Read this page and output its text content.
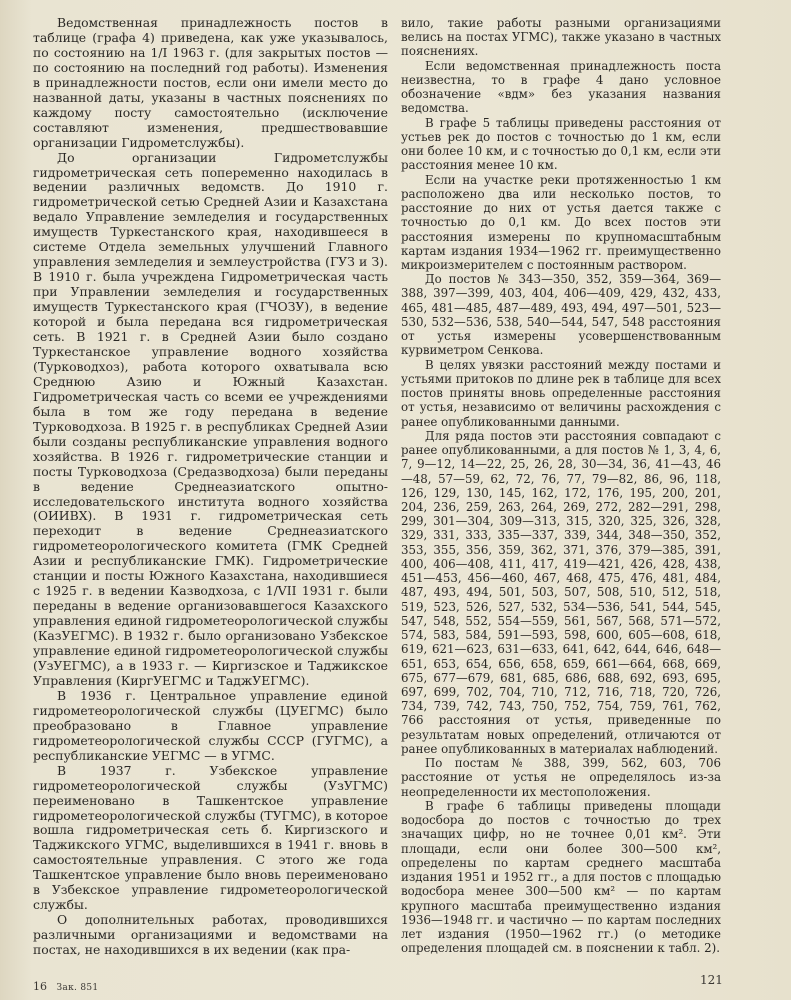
Ведомственная принадлежность постов в таблице (графа 4) приведена, как уже указывалось, по состоянию на 1/I 1963 г. (для закрытых постов — по состоянию на последний год работы). Изменения в принадлежности постов, если они имели место до названной даты, указаны в частных пояснениях по каждому посту самостоятельно (исключение составляют изменения, предшествовавшие организации Гидрометслужбы).

До организации Гидрометслужбы гидрометрическая сеть попеременно находилась в ведении различных ведомств. До 1910 г. гидрометрической сетью Средней Азии и Казахстана ведало Управление земледелия и государственных имуществ Туркестанского края, находившееся в системе Отдела земельных улучшений Главного управления земледелия и землеустройства (ГУЗ и З). В 1910 г. была учреждена Гидрометрическая часть при Управлении земледелия и государственных имуществ Туркестанского края (ГЧОЗУ), в ведение которой и была передана вся гидрометрическая сеть. В 1921 г. в Средней Азии было создано Туркестанское управление водного хозяйства (Турководхоз), работа которого охватывала всю Среднюю Азию и Южный Казахстан. Гидрометрическая часть со всеми ее учреждениями была в том же году передана в ведение Турководхоза. В 1925 г. в республиках Средней Азии были созданы республиканские управления водного хозяйства. В 1926 г. гидрометрические станции и посты Турководхоза (Средазводхоза) были переданы в ведение Среднеазиатского опытно-исследовательского института водного хозяйства (ОИИВХ). В 1931 г. гидрометрическая сеть переходит в ведение Среднеазиатского гидрометеорологического комитета (ГМК Средней Азии и республиканские ГМК). Гидрометрические станции и посты Южного Казахстана, находившиеся с 1925 г. в ведении Казводхоза, с 1/VII 1931 г. были переданы в ведение организовавшегося Казахского управления единой гидрометеорологической службы (КазУЕГМС). В 1932 г. было организовано Узбекское управление единой гидрометеорологической службы (УзУЕГМС), а в 1933 г. — Киргизское и Таджикское Управления (КиргУЕГМС и ТаджУЕГМС).

В 1936 г. Центральное управление единой гидрометеорологической службы (ЦУЕГМС) было преобразовано в Главное управление гидрометеорологической службы СССР (ГУГМС), а республиканские УЕГМС — в УГМС.

В 1937 г. Узбекское управление гидрометеорологической службы (УзУГМС) переименовано в Ташкентское управление гидрометеорологической службы (ТУГМС), в которое вошла гидрометрическая сеть б. Киргизского и Таджикского УГМС, выделившихся в 1941 г. вновь в самостоятельные управления. С этого же года Ташкентское управление было вновь переименовано в Узбекское управление гидрометеорологической службы.

О дополнительных работах, проводившихся различными организациями и ведомствами на постах, не находившихся в их ведении (как пра-

вило, такие работы разными организациями велись на постах УГМС), также указано в частных пояснениях.

Если ведомственная принадлежность поста неизвестна, то в графе 4 дано условное обозначение «вдм» без указания названия ведомства.

В графе 5 таблицы приведены расстояния от устьев рек до постов с точностью до 1 км, если они более 10 км, и с точностью до 0,1 км, если эти расстояния менее 10 км.

Если на участке реки протяженностью 1 км расположено два или несколько постов, то расстояние до них от устья дается также с точностью до 0,1 км. До всех постов эти расстояния измерены по крупномасштабным картам издания 1934—1962 гг. преимущественно микроизмерителем с постоянным раствором.

До постов № 343—350, 352, 359—364, 369—388, 397—399, 403, 404, 406—409, 429, 432, 433, 465, 481—485, 487—489, 493, 494, 497—501, 523—530, 532—536, 538, 540—544, 547, 548 расстояния от устья измерены усовершенствованным курвиметром Сенкова.

В целях увязки расстояний между постами и устьями притоков по длине рек в таблице для всех постов приняты вновь определенные расстояния от устья, независимо от величины расхождения с ранее опубликованными данными.

Для ряда постов эти расстояния совпадают с ранее опубликованными, а для постов № 1, 3, 4, 6, 7, 9—12, 14—22, 25, 26, 28, 30—34, 36, 41—43, 46—48, 57—59, 62, 72, 76, 77, 79—82, 86, 96, 118, 126, 129, 130, 145, 162, 172, 176, 195, 200, 201, 204, 236, 259, 263, 264, 269, 272, 282—291, 298, 299, 301—304, 309—313, 315, 320, 325, 326, 328, 329, 331, 333, 335—337, 339, 344, 348—350, 352, 353, 355, 356, 359, 362, 371, 376, 379—385, 391, 400, 406—408, 411, 417, 419—421, 426, 428, 438, 451—453, 456—460, 467, 468, 475, 476, 481, 484, 487, 493, 494, 501, 503, 507, 508, 510, 512, 518, 519, 523, 526, 527, 532, 534—536, 541, 544, 545, 547, 548, 552, 554—559, 561, 567, 568, 571—572, 574, 583, 584, 591—593, 598, 600, 605—608, 618, 619, 621—623, 631—633, 641, 642, 644, 646, 648—651, 653, 654, 656, 658, 659, 661—664, 668, 669, 675, 677—679, 681, 685, 686, 688, 692, 693, 695, 697, 699, 702, 704, 710, 712, 716, 718, 720, 726, 734, 739, 742, 743, 750, 752, 754, 759, 761, 762, 766 расстояния от устья, приведенные по результатам новых определений, отличаются от ранее опубликованных в материалах наблюдений.

По постам № 388, 399, 562, 603, 706 расстояние от устья не определялось из-за неопределенности их местоположения.

В графе 6 таблицы приведены площади водосбора до постов с точностью до трех значащих цифр, но не точнее 0,01 км². Эти площади, если они более 300—500 км², определены по картам среднего масштаба издания 1951 и 1952 гг., а для постов с площадью водосбора менее 300—500 км² — по картам крупного масштаба преимущественно издания 1936—1948 гг. и частично — по картам последних лет издания (1950—1962 гг.) (о методике определения площадей см. в пояснении к табл. 2).

16 Зак. 851
121
